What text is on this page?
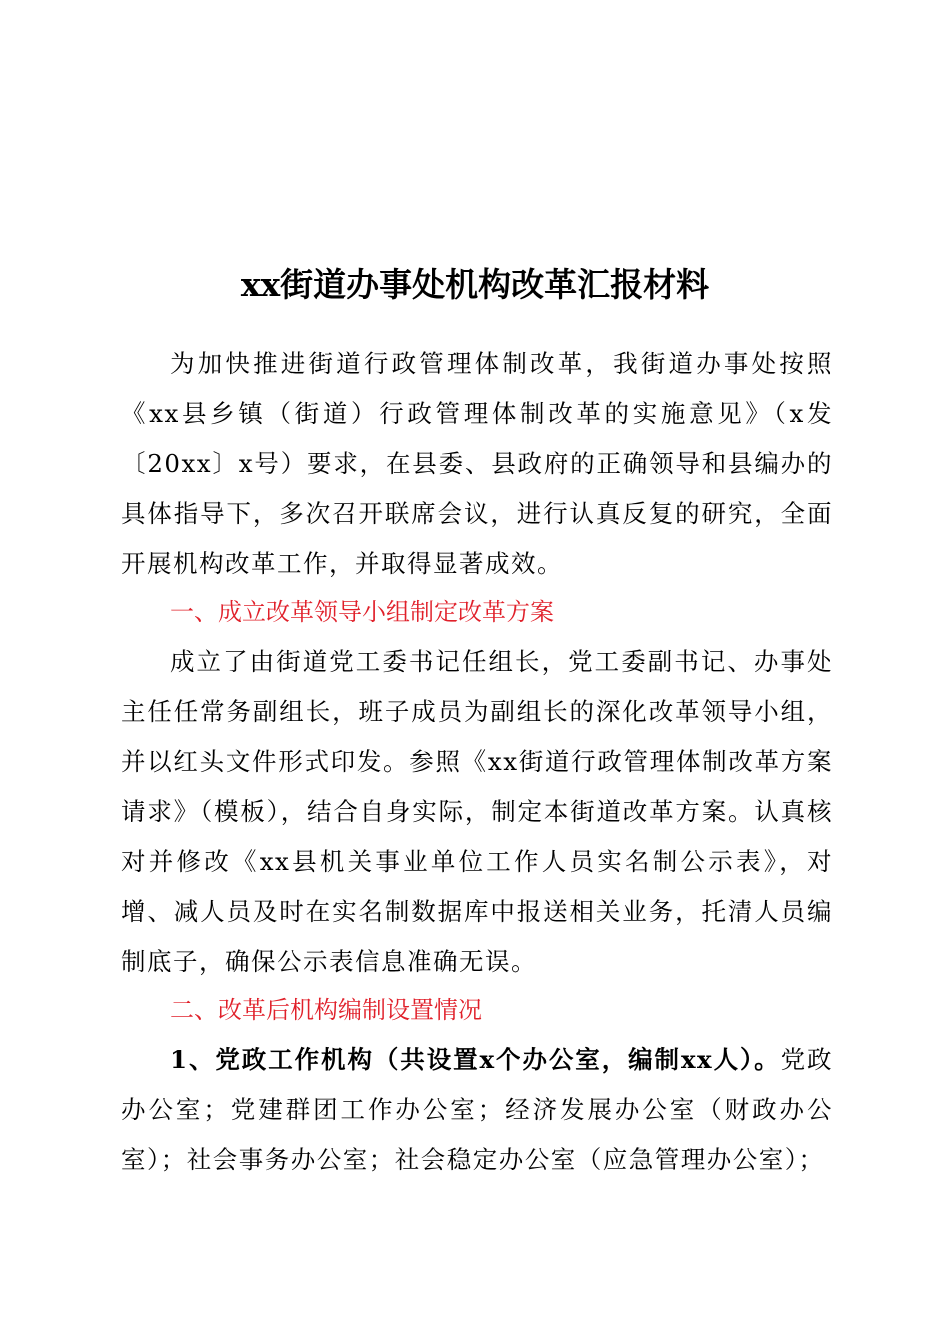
xx街道办事处机构改革汇报材料

为加快推进街道行政管理体制改革，我街道办事处按照《xx县乡镇（街道）行政管理体制改革的实施意见》（x发〔20xx〕x号）要求，在县委、县政府的正确领导和县编办的具体指导下，多次召开联席会议，进行认真反复的研究，全面开展机构改革工作，并取得显著成效。

一、成立改革领导小组制定改革方案

成立了由街道党工委书记任组长，党工委副书记、办事处主任任常务副组长，班子成员为副组长的深化改革领导小组，并以红头文件形式印发。参照《xx街道行政管理体制改革方案请求》（模板），结合自身实际，制定本街道改革方案。认真核对并修改《xx县机关事业单位工作人员实名制公示表》，对增、减人员及时在实名制数据库中报送相关业务，托清人员编制底子，确保公示表信息准确无误。

二、改革后机构编制设置情况

1、党政工作机构（共设置x个办公室，编制xx人）。党政办公室；党建群团工作办公室；经济发展办公室（财政办公室）；社会事务办公室；社会稳定办公室（应急管理办公室）；
